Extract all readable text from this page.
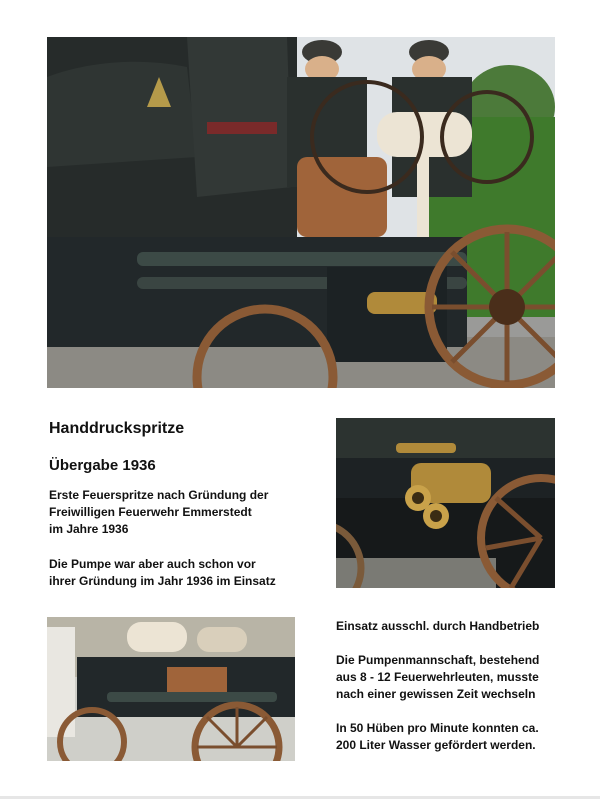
Handdruckspritze
Übergabe 1936
Erste Feuerspritze nach Gründung der
Freiwilligen Feuerwehr Emmerstedt
im Jahre 1936
Die Pumpe war aber auch schon vor
ihrer Gründung im Jahr 1936 im Einsatz
Einsatz ausschl. durch Handbetrieb
Die Pumpenmannschaft, bestehend
aus 8 - 12 Feuerwehrleuten, musste
nach einer gewissen Zeit wechseln
In 50 Hüben pro Minute konnten ca.
200 Liter Wasser gefördert werden.
